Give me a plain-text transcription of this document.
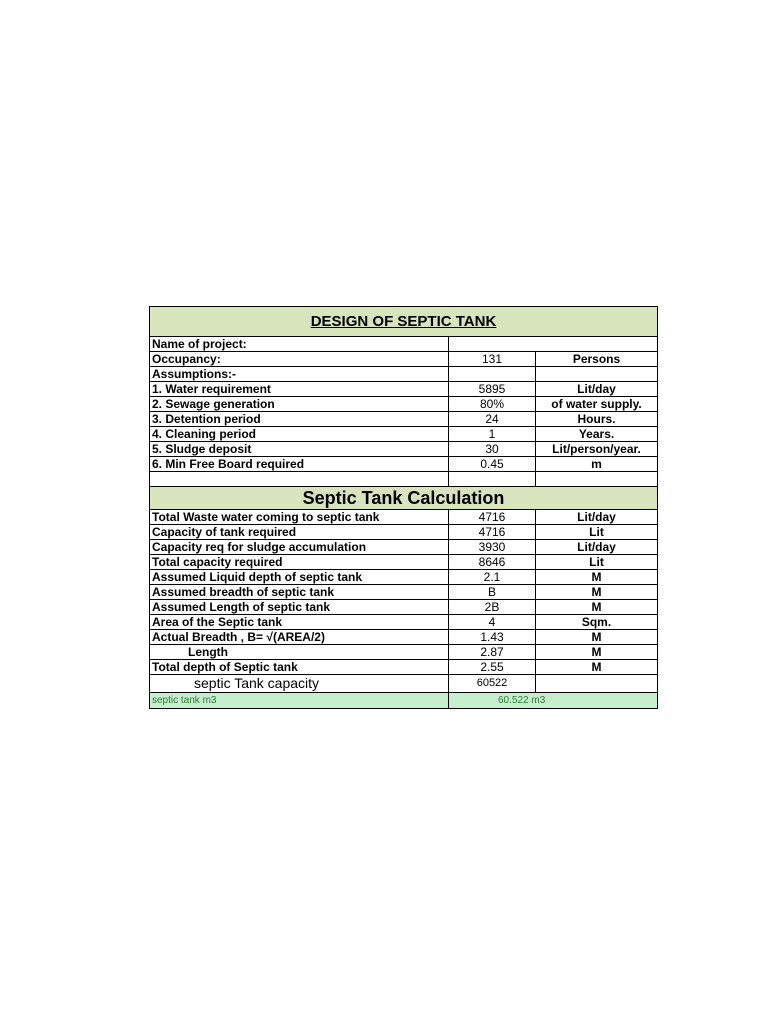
DESIGN OF SEPTIC TANK		
Name of project:		
Occupancy:	131	Persons
Assumptions:-		
1. Water requirement	5895	Lit/day
2. Sewage generation	80%	of water supply.
3. Detention period	24	Hours.
4. Cleaning period	1	Years.
5. Sludge deposit	30	Lit/person/year.
6. Min Free Board required	0.45	m

Septic Tank Calculation		
Total Waste water coming to septic tank	4716	Lit/day
Capacity of tank required	4716	Lit
Capacity req for sludge accumulation	3930	Lit/day
Total capacity required	8646	Lit
Assumed Liquid depth of septic tank	2.1	M
Assumed breadth of septic tank	B	M
Assumed Length of septic tank	2B	M
Area of the Septic tank	4	Sqm.
Actual Breadth , B= √(AREA/2)	1.43	M
Length	2.87	M
Total depth of Septic tank	2.55	M
septic Tank capacity	60522	
septic tank m3	60.522 m3	
